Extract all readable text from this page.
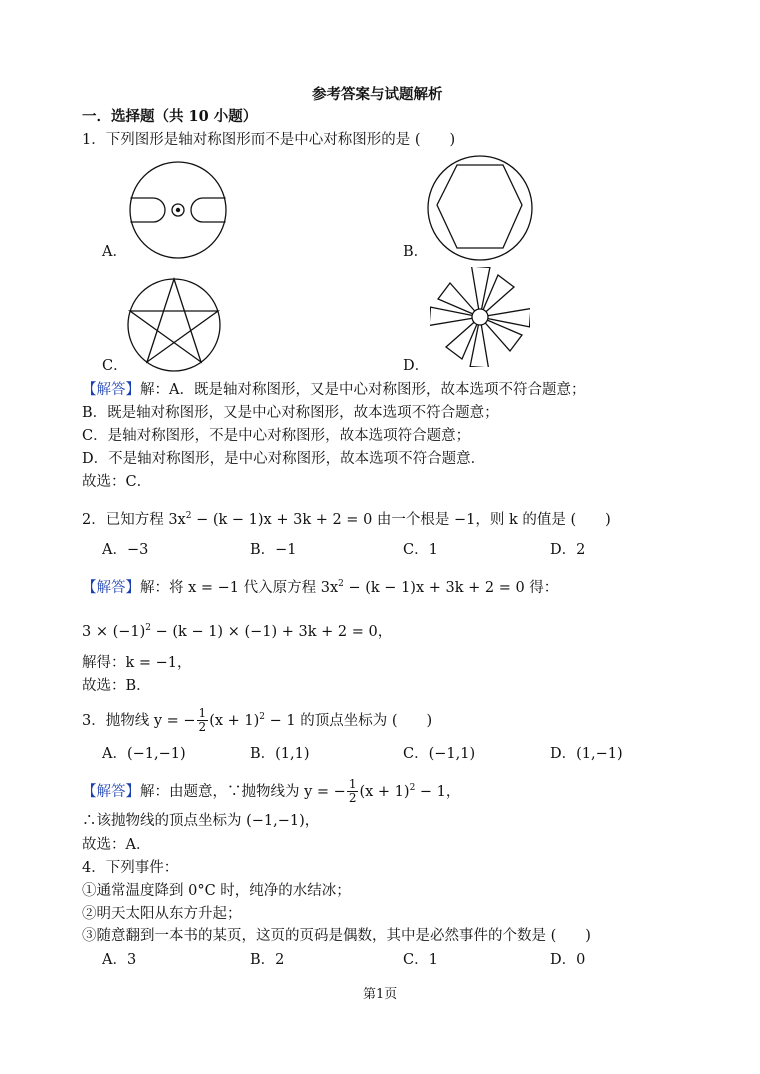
参考答案与试题解析
一．选择题（共 10 小题）
1．下列图形是轴对称图形而不是中心对称图形的是 (　　)
A．	B．
C．	D．
【解答】解：A．既是轴对称图形，又是中心对称图形，故本选项不符合题意；
B．既是轴对称图形，又是中心对称图形，故本选项不符合题意；
C．是轴对称图形，不是中心对称图形，故本选项符合题意；
D．不是轴对称图形，是中心对称图形，故本选项不符合题意．
故选：C．
2．已知方程 $3x^2 - (k - 1)x + 3k + 2 = 0$ 由一个根是 −1，则 k 的值是 (　　)
A．−3	B．−1	C．1	D．2
【解答】解：将 x = −1 代入原方程 $3x^2 - (k - 1)x + 3k + 2 = 0$ 得：
$3 \times (-1)^2 - (k - 1) \times (-1) + 3k + 2 = 0$，
解得：k = −1，
故选：B．
3．抛物线 y = − $\frac{1}{2} (x + 1)^2 - 1$ 的顶点坐标为 (　　)
A．(−1,−1)	B．(1,1)	C．(−1,1)	D．(1,−1)
【解答】解：由题意，∵抛物线为 y = − $\frac{1}{2} (x + 1)^2 - 1$，
∴该抛物线的顶点坐标为 (−1,−1)，
故选：A．
4．下列事件：
①通常温度降到 0°C 时，纯净的水结冰；
②明天太阳从东方升起；
③随意翻到一本书的某页，这页的页码是偶数，其中是必然事件的个数是 (　　)
A．3	B．2	C．1	D．0
第1页
